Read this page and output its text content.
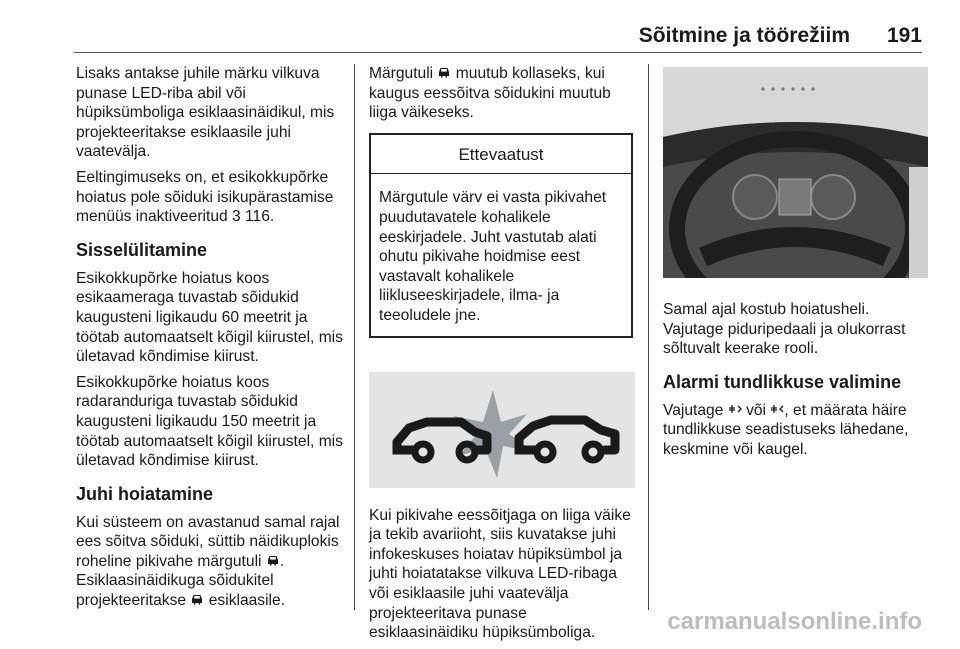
Sõitmine ja töörežiim 191

Lisaks antakse juhile märku vilkuva punase LED-riba abil või hüpiksümboliga esiklaasinäidikul, mis projekteeritakse esiklaasile juhi vaatevälja.

Eeltingimuseks on, et esikokkupõrke hoiatus pole sõiduki isikupärastamise menüüs inaktiveeritud 3 116.

Sisselülitamine

Esikokkupõrke hoiatus koos esikaameraga tuvastab sõidukid kaugusteni ligikaudu 60 meetrit ja töötab automaatselt kõigil kiirustel, mis ületavad kõndimise kiirust.

Esikokkupõrke hoiatus koos radaranduriga tuvastab sõidukid kaugusteni ligikaudu 150 meetrit ja töötab automaatselt kõigil kiirustel, mis ületavad kõndimise kiirust.

Juhi hoiatamine

Kui süsteem on avastanud samal rajal ees sõitva sõiduki, süttib näidikuplokis roheline pikivahe märgutuli . Esiklaasinäidikuga sõidukitel projekteeritakse  esiklaasile.

Märgutuli  muutub kollaseks, kui kaugus eessõitva sõidukini muutub liiga väikeseks.

Ettevaatust
Märgutule värv ei vasta pikivahet puudutavatele kohalikele eeskirjadele. Juht vastutab alati ohutu pikivahe hoidmise eest vastavalt kohalikele liikluseeskirjadele, ilma- ja teeoludele jne.

Kui pikivahe eessõitjaga on liiga väike ja tekib avariioht, siis kuvatakse juhi infokeskuses hoiatav hüpiksümbol ja juhti hoiatatakse vilkuva LED-ribaga või esiklaasile juhi vaatevälja projekteeritava punase esiklaasinäidiku hüpiksümboliga.

Samal ajal kostub hoiatusheli. Vajutage piduripedaali ja olukorrast sõltuvalt keerake rooli.

Alarmi tundlikkuse valimine

Vajutage  või , et määrata häire tundlikkuse seadistuseks lähedane, keskmine või kaugel.

carmanualsonline.info
